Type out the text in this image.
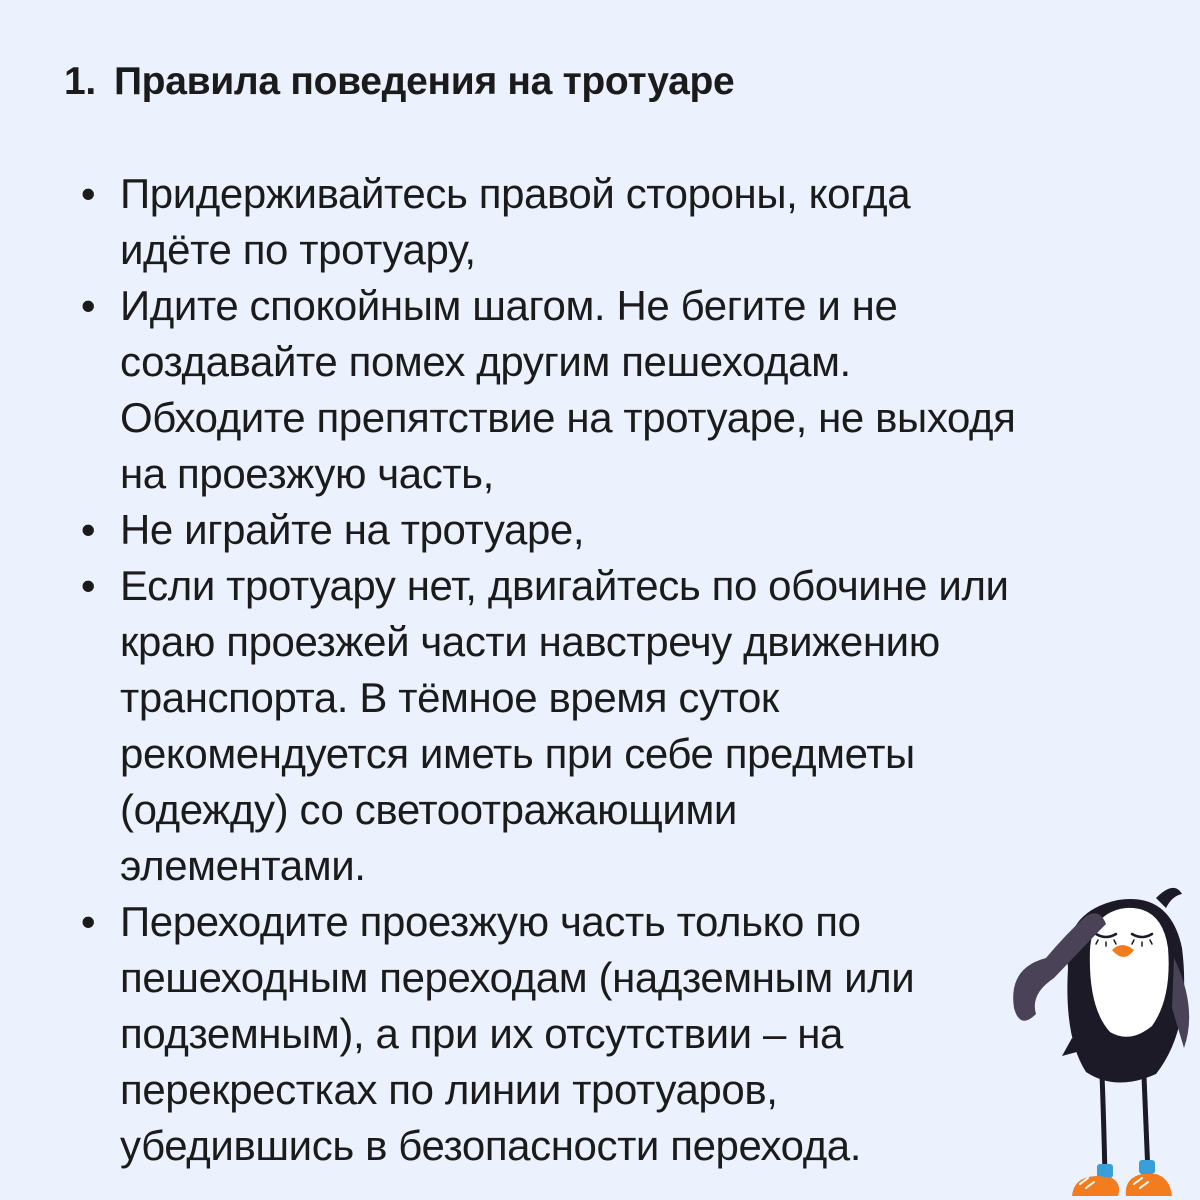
1. Правила поведения на тротуаре
• Придерживайтесь правой стороны, когда
идёте по тротуару,
• Идите спокойным шагом. Не бегите и не
создавайте помех другим пешеходам.
Обходите препятствие на тротуаре, не выходя
на проезжую часть,
• Не играйте на тротуаре,
• Если тротуару нет, двигайтесь по обочине или
краю проезжей части навстречу движению
транспорта. В тёмное время суток
рекомендуется иметь при себе предметы
(одежду) со светоотражающими
элементами.
• Переходите проезжую часть только по
пешеходным переходам (надземным или
подземным), а при их отсутствии – на
перекрестках по линии тротуаров,
убедившись в безопасности перехода.
